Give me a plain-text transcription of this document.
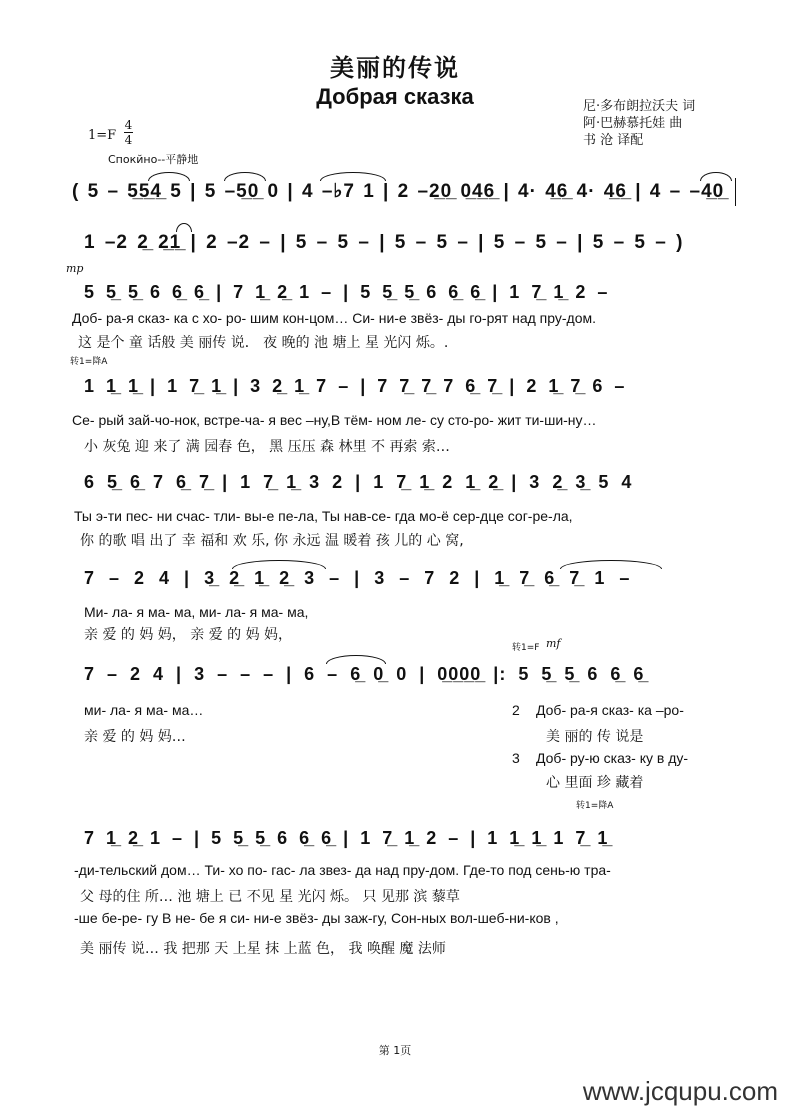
美丽的传说
Добрая сказка	尼·多布朗拉沃夫 词
阿·巴赫慕托娃 曲
书 沧 译配
1=F
4
4
Спокйно--平静地
( 5 – 5̲5̲4̲ 5 | 5 –5̲0̲ 0 | 4 –♭7 1 | 2 –2̲0̲ 0̲4̲6̲ | 4· 4̲6̲ 4· 4̲6̲ | 4 – –4̲0̲
1 –2 2̲ 2̲1̲ | 2 –2 – | 5 – 5 – | 5 – 5 – | 5 – 5 – | 5 – 5 – )
mp
5 5̲ 5̲ 6 6̲ 6̲ | 7 1̲ 2̲ 1 – | 5 5̲ 5̲ 6 6̲ 6̲ | 1 7̲ 1̲ 2 –
Доб- ра-я сказ- ка с хо- ро- шим кон-цом… Си- ни-е звёз- ды го-рят над пру-дом.
这 是个 童 话般 美 丽传 说． 夜 晚的 池 塘上 星 光闪 烁。.
转1=降A
1 1̲ 1̲ | 1 7̲ 1̲ | 3 2̲ 1̲ 7 – | 7 7̲ 7̲ 7 6̲ 7̲ | 2 1̲ 7̲ 6 –
Се- рый зай-чо-нок, встре-ча- я вес –ну,В тём- ном ле- су сто-ро- жит ти-ши-ну…
小 灰兔 迎 来了 满 园春 色， 黑 压压 森 林里 不 再索 索…
6 5̲ 6̲ 7 6̲ 7̲ | 1 7̲ 1̲ 3 2 | 1 7̲ 1̲ 2 1̲ 2̲ | 3 2̲ 3̲ 5 4
Ты э-ти пес- ни счас- тли- вы-е пе-ла, Ты нав-се- гда мо-ё сер-дце сог-ре-ла,
你 的歌 唱 出了 幸 福和 欢 乐, 你 永远 温 暖着 孩 儿的 心 窝,
7 – 2 4 | 3̲ 2̲ 1̲ 2̲ 3 – | 3 – 7 2 | 1̲ 7̲ 6̲ 7̲ 1 –
Ми- ла- я ма- ма, ми- ла- я ма- ма,
亲 爱 的 妈 妈， 亲 爱 的 妈 妈，
转1=F mf
7 – 2 4 | 3 – – – | 6 – 6̲ 0̲ 0 | 0̲0̲0̲0̲ |: 5 5̲ 5̲ 6 6̲ 6̲
ми- ла- я ма- ма…
亲 爱 的 妈 妈…
2 Доб- ра-я сказ- ка –ро-
美 丽的 传 说是
3 Доб- ру-ю сказ- ку в ду-
心 里面 珍 藏着
转1=降A
7 1̲ 2̲ 1 – | 5 5̲ 5̲ 6 6̲ 6̲ | 1 7̲ 1̲ 2 – | 1 1̲ 1̲ 1 7̲ 1̲
-ди-тельский дом… Ти- хо по- гас- ла звез- да над пру-дом. Где-то под сень-ю тра-
父 母的住 所… 池 塘上 已 不见 星 光闪 烁。 只 见那 滨 藜草
-ше бе-ре- гу В не- бе я си- ни-е звёз- ды заж-гу, Сон-ных вол-шеб-ни-ков ,
美 丽传 说… 我 把那 天 上星 抹 上蓝 色， 我 唤醒 魔 法师
第 1页
www.jcqupu.com
